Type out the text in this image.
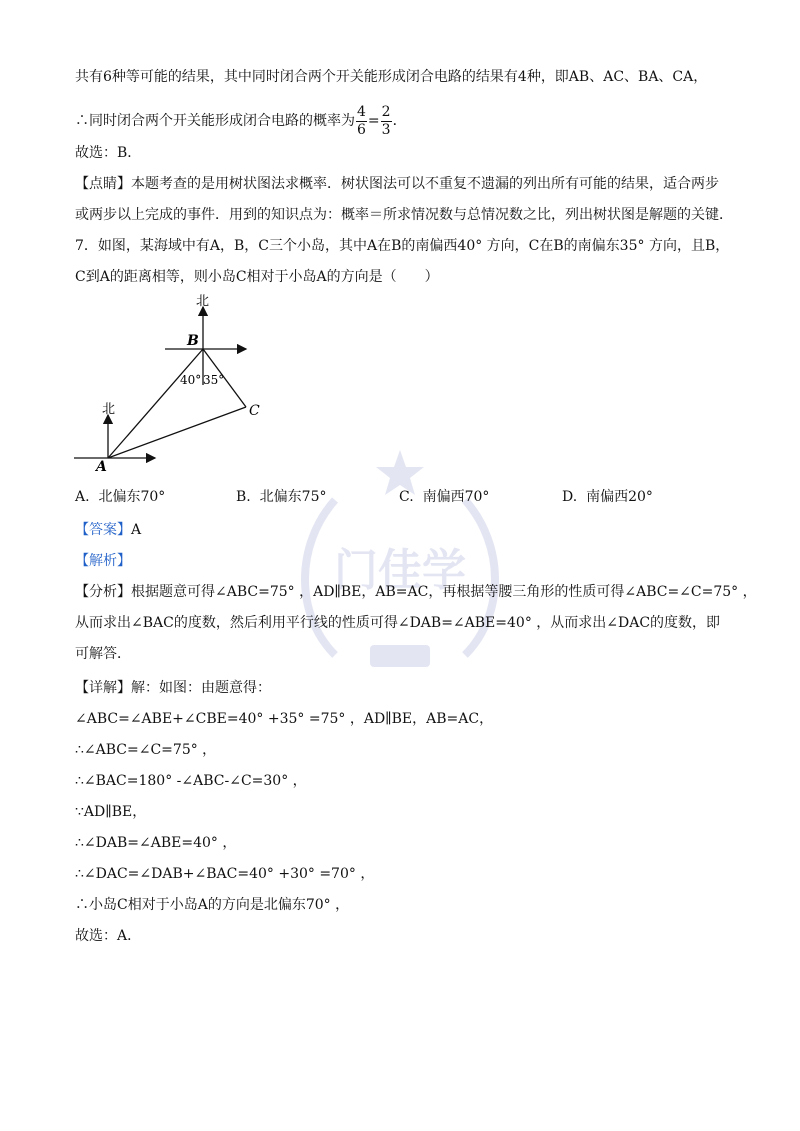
门佳学
共有6种等可能的结果，其中同时闭合两个开关能形成闭合电路的结果有4种，即AB、AC、BA、CA，
∴同时闭合两个开关能形成闭合电路的概率为 $\frac{4}{6} = \frac{2}{3}$ ．
故选：B．
【点睛】本题考查的是用树状图法求概率．树状图法可以不重复不遗漏的列出所有可能的结果，适合两步
或两步以上完成的事件．用到的知识点为：概率＝所求情况数与总情况数之比，列出树状图是解题的关键．
7．如图，某海域中有A，B，C三个小岛，其中A在B的南偏西40° 方向，C在B的南偏东35° 方向，且B，
C到A的距离相等，则小岛C相对于小岛A的方向是（　　）
北
北
B
A
C
40° 35°
A. 北偏东70°	B. 北偏东75°	C. 南偏西70°	D. 南偏西20°
【答案】A
【解析】
【分析】根据题意可得∠ABC=75° ，AD∥BE，AB=AC，再根据等腰三角形的性质可得∠ABC=∠C=75° ，
从而求出∠BAC的度数，然后利用平行线的性质可得∠DAB=∠ABE=40° ，从而求出∠DAC的度数，即
可解答．
【详解】解：如图：由题意得：
∠ABC=∠ABE+∠CBE=40° +35° =75° ，AD∥BE，AB=AC，
∴∠ABC=∠C=75° ，
∴∠BAC=180° -∠ABC-∠C=30° ，
∵AD∥BE，
∴∠DAB=∠ABE=40° ，
∴∠DAC=∠DAB+∠BAC=40° +30° =70° ，
∴小岛C相对于小岛A的方向是北偏东70° ，
故选：A．
